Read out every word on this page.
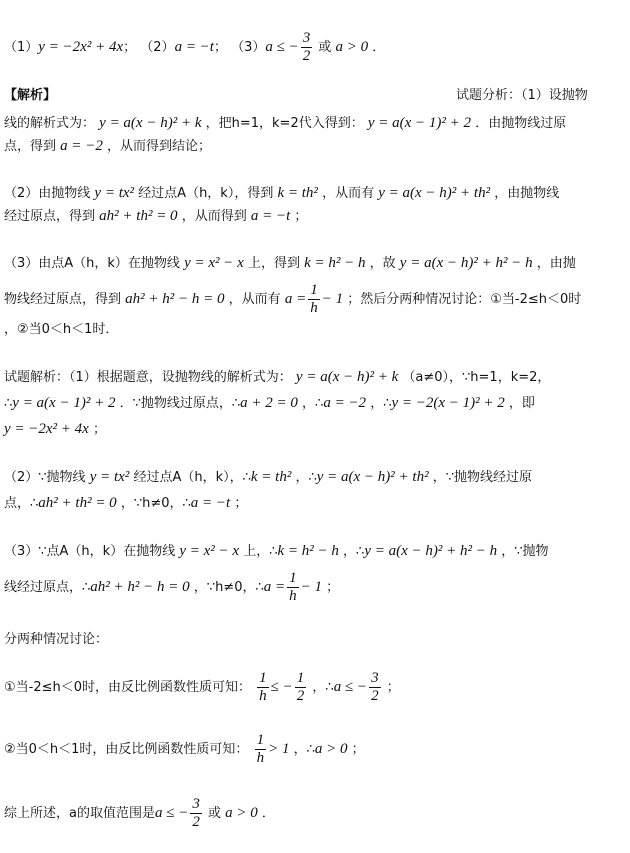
（1）y = −2x² + 4x； （2）a = −t； （3）a ≤ − $\frac{3}{2}$ 或 a > 0 ．
【解析】	试题分析：（1）设抛物
线的解析式为： y = a(x − h)² + k ，把h=1，k=2代入得到： y = a(x − 1)² + 2 ．由抛物线过原
点，得到 a = −2 ，从而得到结论；
（2）由抛物线 y = tx² 经过点A（h，k），得到 k = th² ，从而有 y = a(x − h)² + th² ，由抛物线
经过原点，得到 ah² + th² = 0 ，从而得到 a = −t ；
（3）由点A（h，k）在抛物线 y = x² − x 上，得到 k = h² − h ，故 y = a(x − h)² + h² − h ，由抛
物线经过原点，得到 ah² + h² − h = 0 ，从而有 $a = \frac{1}{h} - 1$ ；然后分两种情况讨论：①当-2≤h＜0时
，②当0＜h＜1时．
试题解析：（1）根据题意，设抛物线的解析式为： y = a(x − h)² + k （a≠0），∵h=1，k=2，
∴y = a(x − 1)² + 2 ．∵抛物线过原点，∴a + 2 = 0 ，∴a = −2 ，∴y = −2(x − 1)² + 2 ，即
y = −2x² + 4x ；
（2）∵抛物线 y = tx² 经过点A（h，k），∴k = th² ，∴y = a(x − h)² + th² ，∵抛物线经过原
点，∴ah² + th² = 0 ，∵h≠0，∴a = −t ；
（3）∵点A（h，k）在抛物线 y = x² − x 上，∴k = h² − h ，∴y = a(x − h)² + h² − h ，∵抛物
线经过原点，∴ah² + h² − h = 0 ，∵h≠0，∴a = $\frac{1}{h} - 1$ ；
分两种情况讨论：
①当-2≤h＜0时，由反比例函数性质可知： $\frac{1}{h}$ ≤ − $\frac{1}{2}$ ，∴a ≤ − $\frac{3}{2}$ ；
②当0＜h＜1时，由反比例函数性质可知： $\frac{1}{h} > 1$ ，∴a > 0 ；
综上所述，a的取值范围是a ≤ − $\frac{3}{2}$ 或 a > 0 ．
